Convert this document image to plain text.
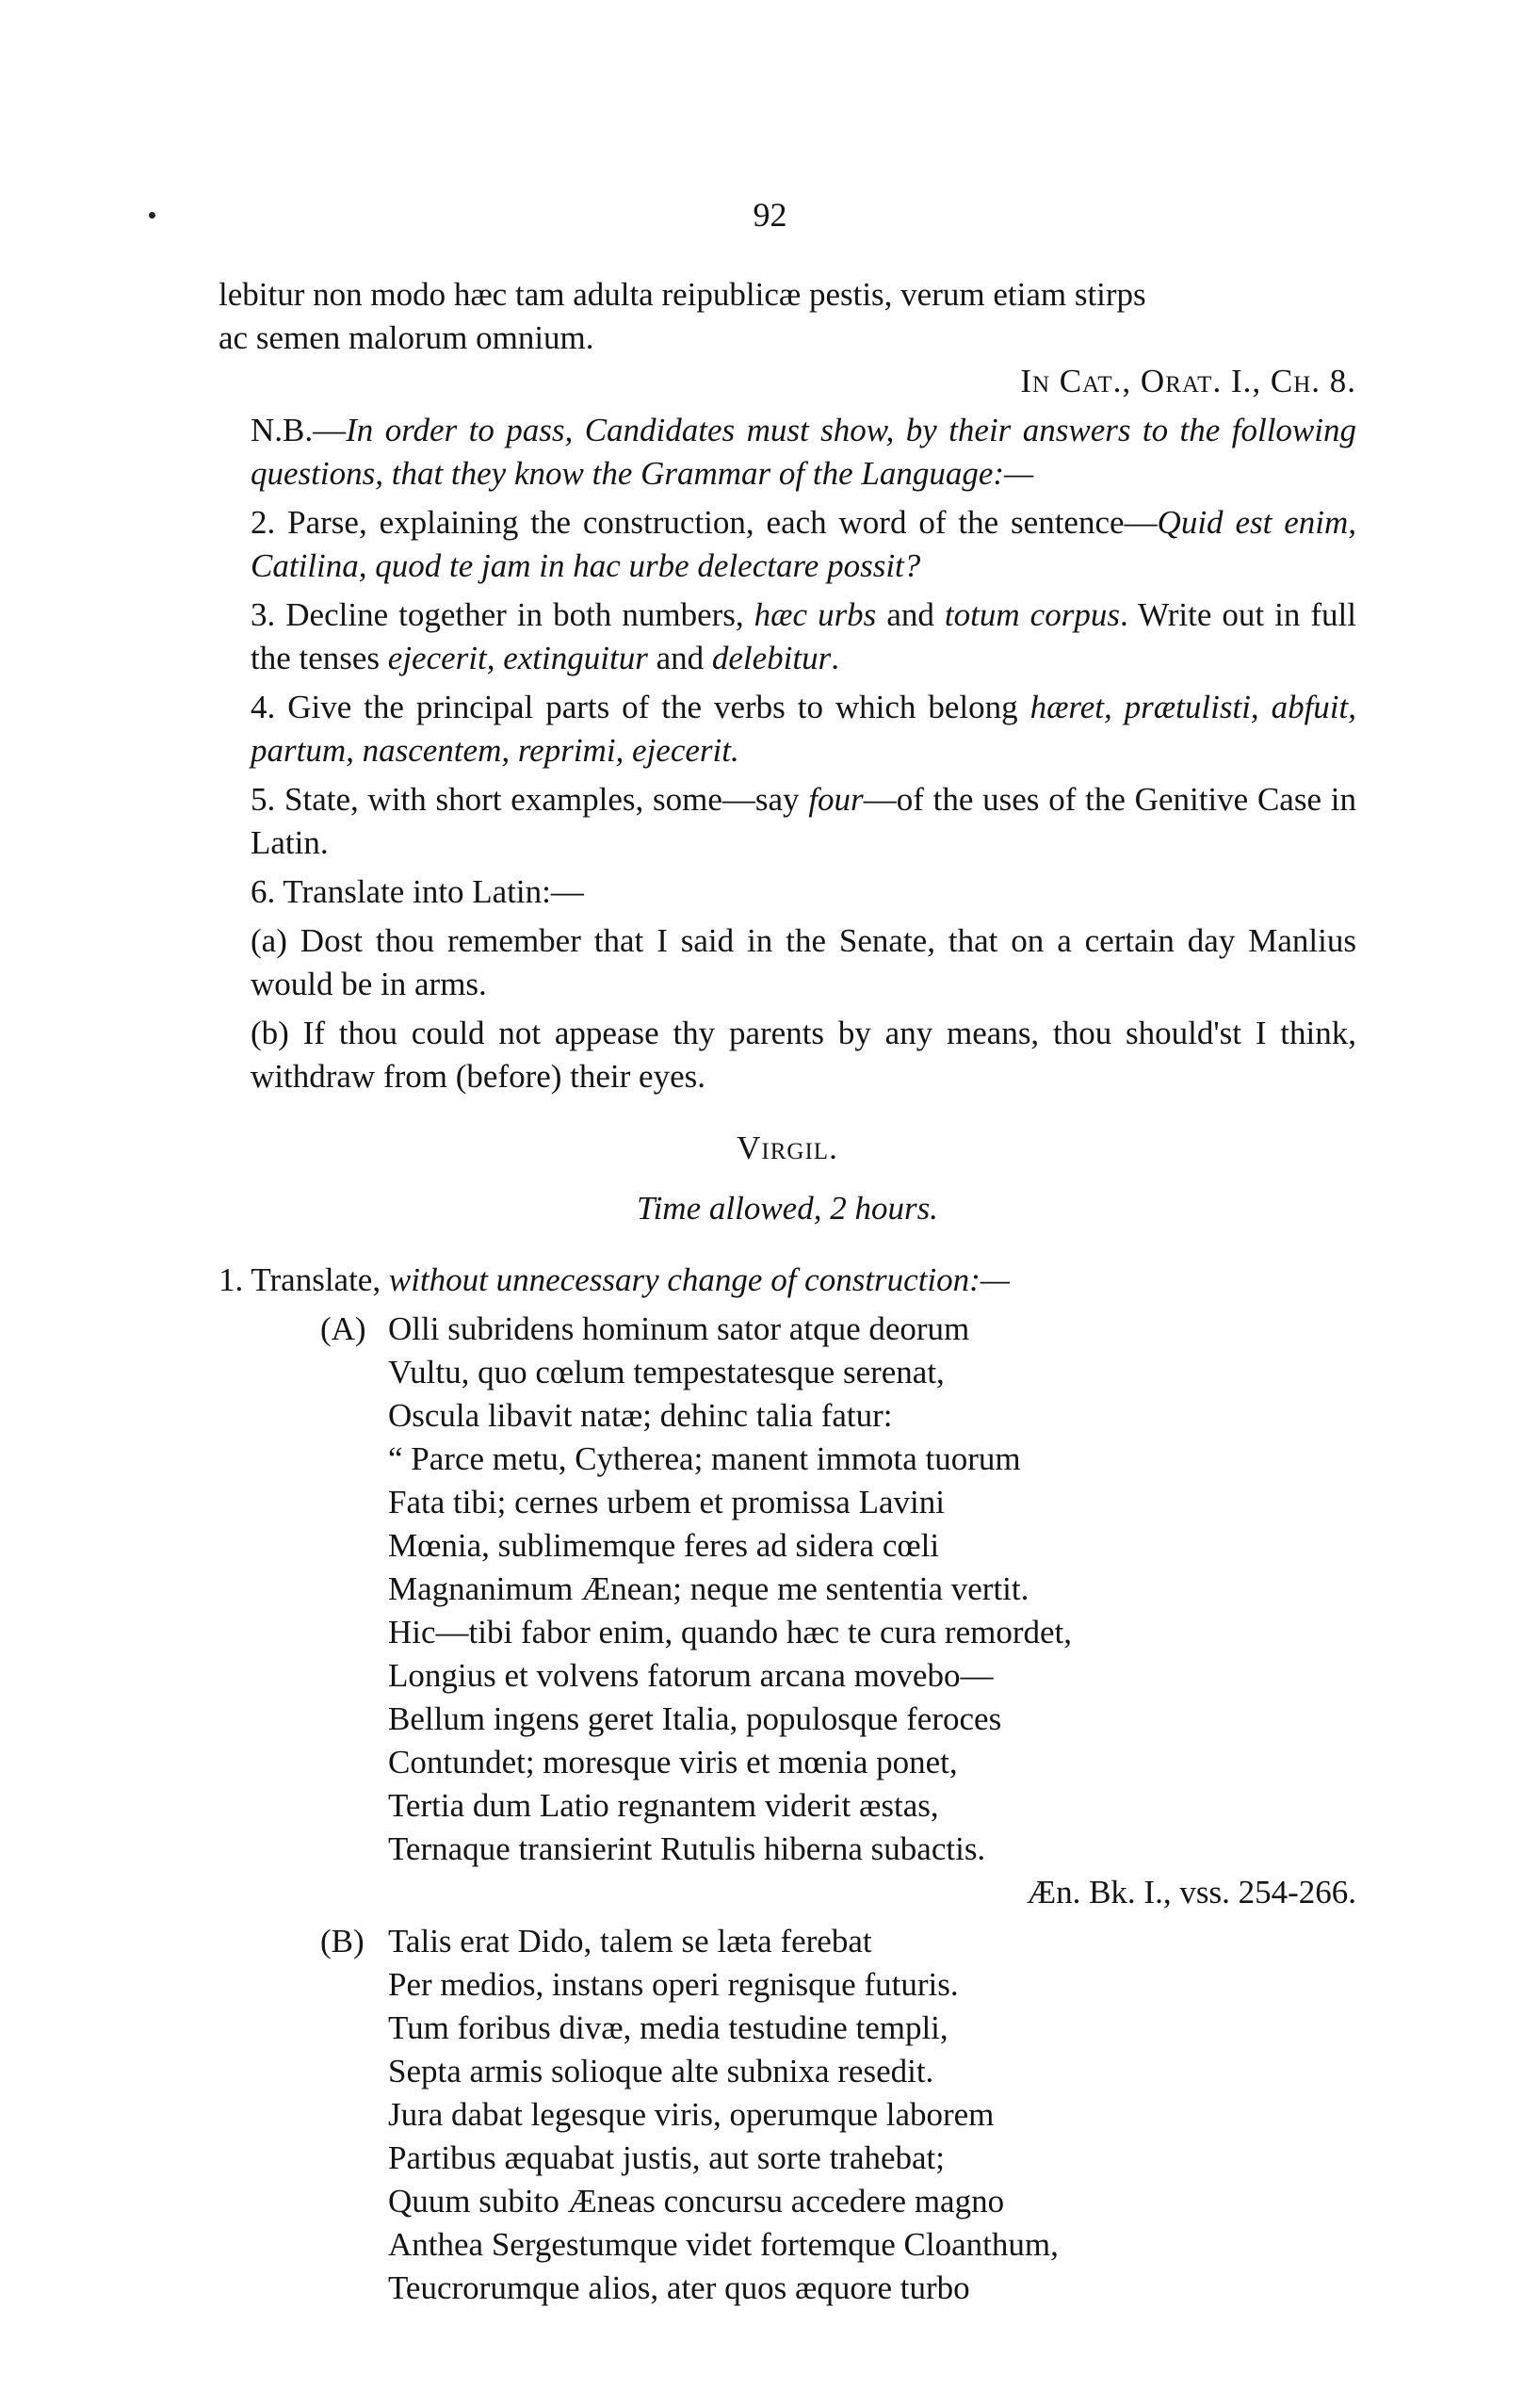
92

lebitur non modo hæc tam adulta reipublicæ pestis, verum etiam stirps
ac semen malorum omnium.

In Cat., Orat. I., Ch. 8.

N.B.—In order to pass, Candidates must show, by their answers to the following questions, that they know the Grammar of the Language:—

2. Parse, explaining the construction, each word of the sentence—Quid est enim, Catilina, quod te jam in hac urbe delectare possit?

3. Decline together in both numbers, hæc urbs and totum corpus. Write out in full the tenses ejecerit, extinguitur and delebitur.

4. Give the principal parts of the verbs to which belong hæret, prætulisti, abfuit, partum, nascentem, reprimi, ejecerit.

5. State, with short examples, some—say four—of the uses of the Genitive Case in Latin.

6. Translate into Latin:—

(a) Dost thou remember that I said in the Senate, that on a certain day Manlius would be in arms.

(b) If thou could not appease thy parents by any means, thou should'st I think, withdraw from (before) their eyes.

Virgil.

Time allowed, 2 hours.

1. Translate, without unnecessary change of construction:—

(A) Olli subridens hominum sator atque deorum
Vultu, quo cœlum tempestatesque serenat,
Oscula libavit natæ; dehinc talia fatur:
“ Parce metu, Cytherea; manent immota tuorum
Fata tibi; cernes urbem et promissa Lavini
Mœnia, sublimemque feres ad sidera cœli
Magnanimum Ænean; neque me sententia vertit.
Hic—tibi fabor enim, quando hæc te cura remordet,
Longius et volvens fatorum arcana movebo—
Bellum ingens geret Italia, populosque feroces
Contundet; moresque viris et mœnia ponet,
Tertia dum Latio regnantem viderit æstas,
Ternaque transierint Rutulis hiberna subactis.

Æn. Bk. I., vss. 254-266.

(B) Talis erat Dido, talem se læta ferebat
Per medios, instans operi regnisque futuris.
Tum foribus divæ, media testudine templi,
Septa armis solioque alte subnixa resedit.
Jura dabat legesque viris, operumque laborem
Partibus æquabat justis, aut sorte trahebat;
Quum subito Æneas concursu accedere magno
Anthea Sergestumque videt fortemque Cloanthum,
Teucrorumque alios, ater quos æquore turbo
